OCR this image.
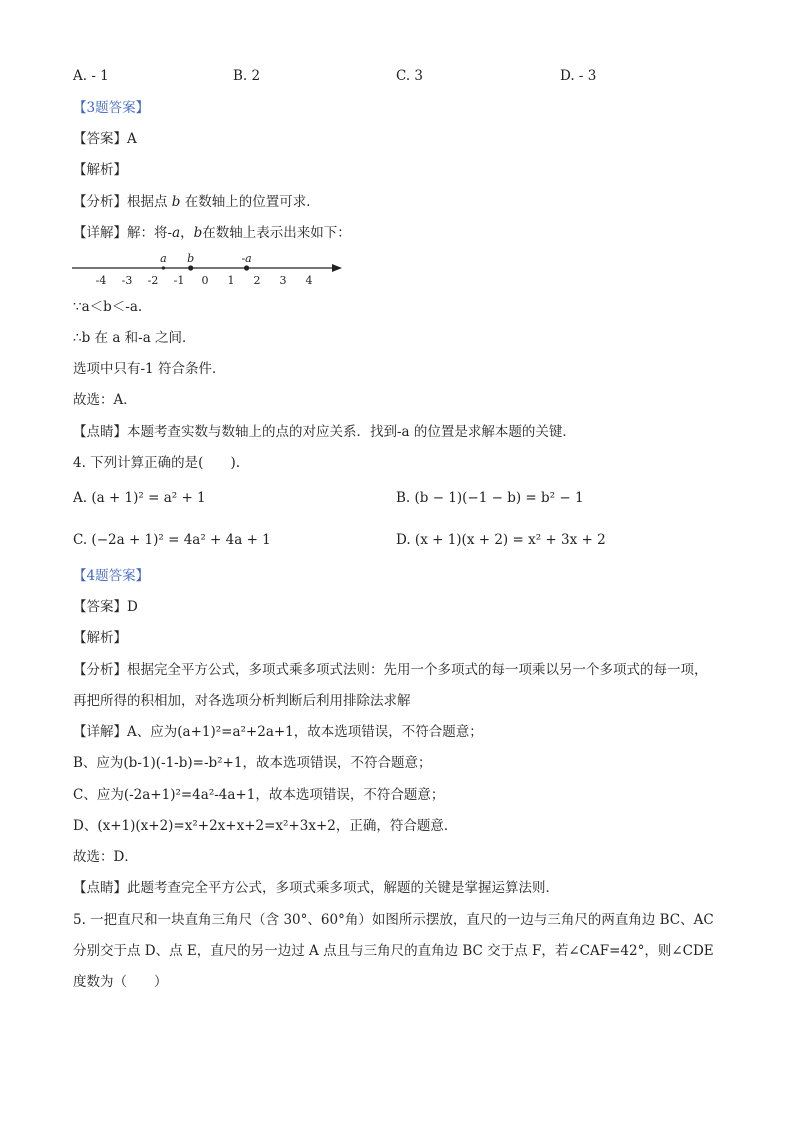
A. - 1	B. 2	C. 3	D. - 3
【3题答案】
【答案】A
【解析】
【分析】根据点 b 在数轴上的位置可求．
【详解】解：将-a，b在数轴上表示出来如下：
-4 -3 -2 -1 0 1 2 3 4
a b	-a
∵a＜b＜-a.
∴b 在 a 和-a 之间．
选项中只有-1 符合条件．
故选：A．
【点睛】本题考查实数与数轴上的点的对应关系．找到-a 的位置是求解本题的关键．
4. 下列计算正确的是(　　).
A. (a + 1)² = a² + 1	B. (b − 1)(−1 − b) = b² − 1
C. (−2a + 1)² = 4a² + 4a + 1	D. (x + 1)(x + 2) = x² + 3x + 2
【4题答案】
【答案】D
【解析】
【分析】根据完全平方公式，多项式乘多项式法则：先用一个多项式的每一项乘以另一个多项式的每一项，
再把所得的积相加，对各选项分析判断后利用排除法求解
【详解】A、应为(a+1)²=a²+2a+1，故本选项错误，不符合题意；
B、应为(b-1)(-1-b)=-b²+1，故本选项错误，不符合题意；
C、应为(-2a+1)²=4a²-4a+1，故本选项错误，不符合题意；
D、(x+1)(x+2)=x²+2x+x+2=x²+3x+2，正确，符合题意．
故选：D．
【点睛】此题考查完全平方公式，多项式乘多项式，解题的关键是掌握运算法则．
5. 一把直尺和一块直角三角尺（含 30°、60°角）如图所示摆放，直尺的一边与三角尺的两直角边 BC、AC
分别交于点 D、点 E，直尺的另一边过 A 点且与三角尺的直角边 BC 交于点 F，若∠CAF=42°，则∠CDE
度数为（　　）
